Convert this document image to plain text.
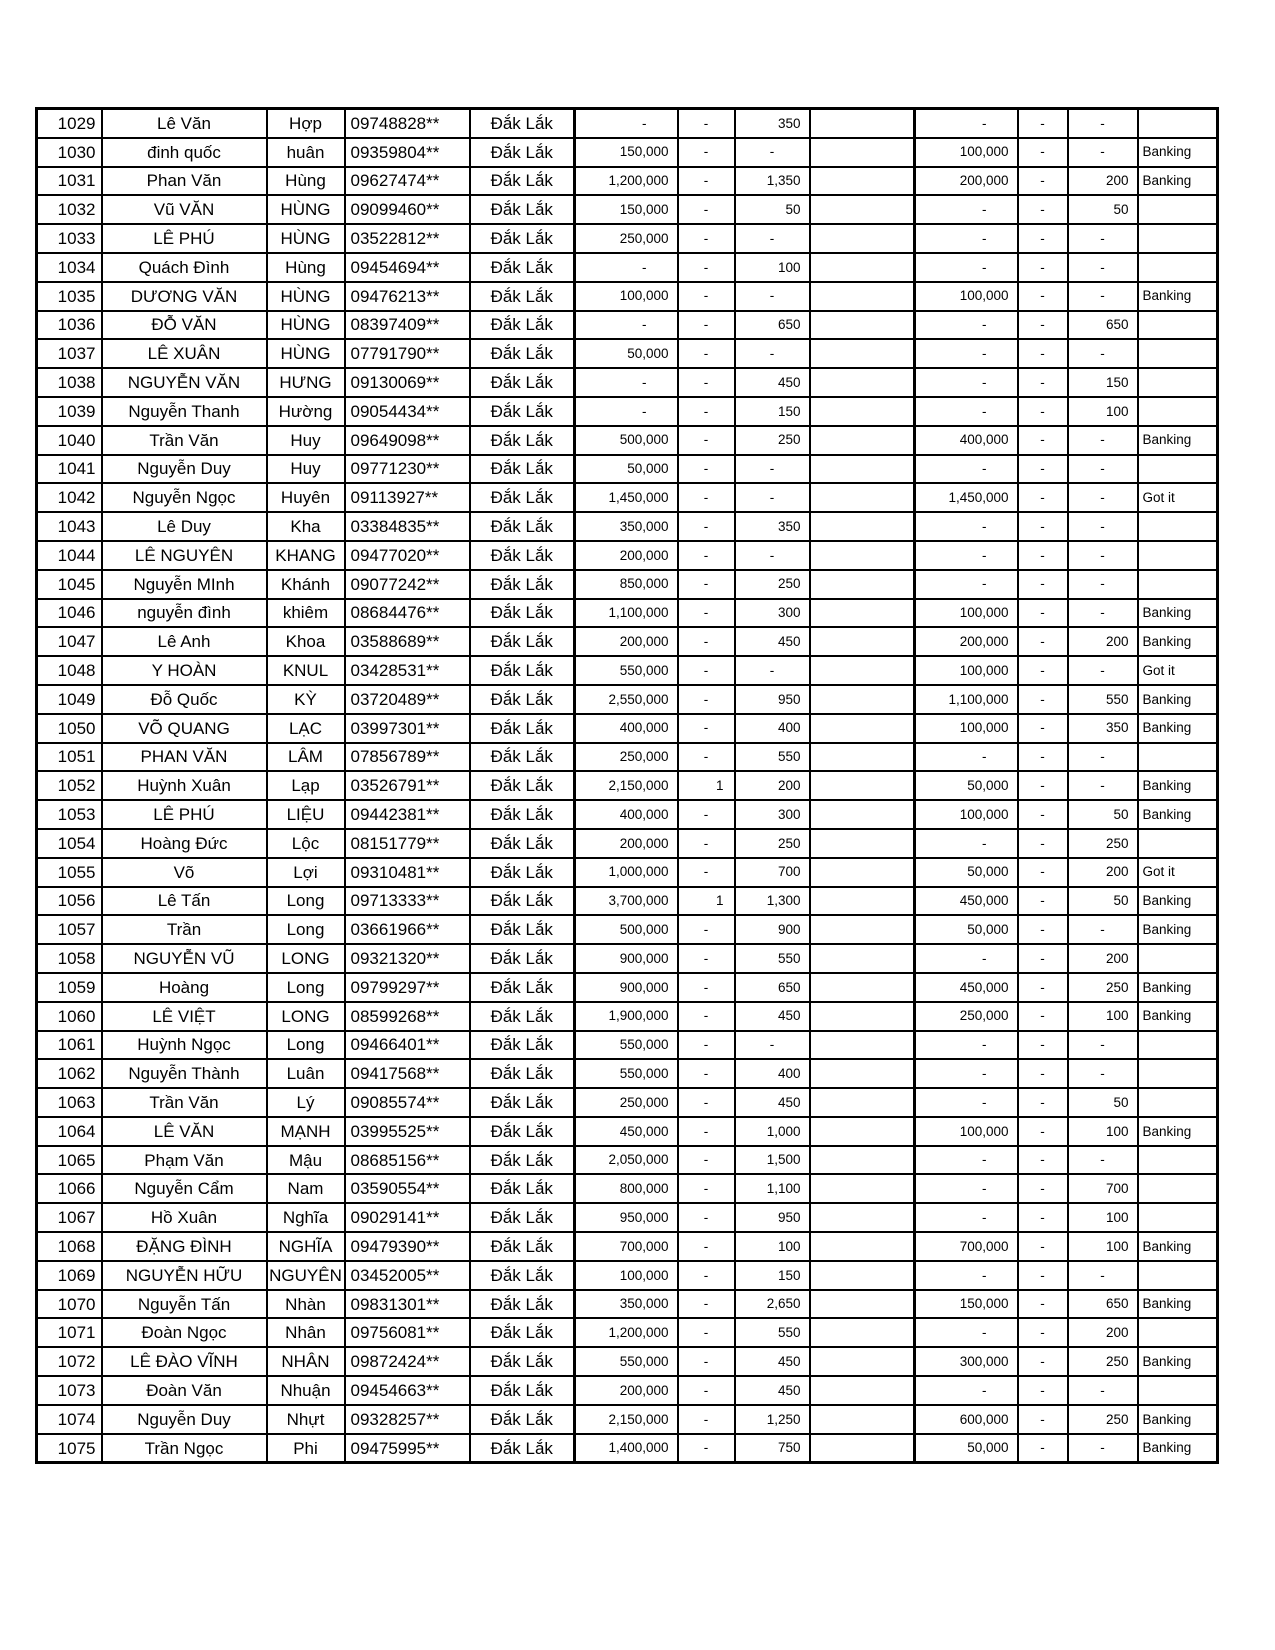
1029	Lê Văn	Hợp	09748828**	Đắk Lắk	-	-	350		-	-	-	
1030	đinh quốc	huân	09359804**	Đắk Lắk	150,000	-	-		100,000	-	-	Banking
1031	Phan Văn	Hùng	09627474**	Đắk Lắk	1,200,000	-	1,350		200,000	-	200	Banking
1032	Vũ VĂN	HÙNG	09099460**	Đắk Lắk	150,000	-	50		-	-	50	
1033	LÊ PHÚ	HÙNG	03522812**	Đắk Lắk	250,000	-	-		-	-	-	
1034	Quách Đình	Hùng	09454694**	Đắk Lắk	-	-	100		-	-	-	
1035	DƯƠNG VĂN	HÙNG	09476213**	Đắk Lắk	100,000	-	-		100,000	-	-	Banking
1036	ĐỖ VĂN	HÙNG	08397409**	Đắk Lắk	-	-	650		-	-	650	
1037	LÊ XUÂN	HÙNG	07791790**	Đắk Lắk	50,000	-	-		-	-	-	
1038	NGUYỄN VĂN	HƯNG	09130069**	Đắk Lắk	-	-	450		-	-	150	
1039	Nguyễn Thanh	Hường	09054434**	Đắk Lắk	-	-	150		-	-	100	
1040	Trần Văn	Huy	09649098**	Đắk Lắk	500,000	-	250		400,000	-	-	Banking
1041	Nguyễn Duy	Huy	09771230**	Đắk Lắk	50,000	-	-		-	-	-	
1042	Nguyễn Ngọc	Huyên	09113927**	Đắk Lắk	1,450,000	-	-		1,450,000	-	-	Got it
1043	Lê Duy	Kha	03384835**	Đắk Lắk	350,000	-	350		-	-	-	
1044	LÊ NGUYÊN	KHANG	09477020**	Đắk Lắk	200,000	-	-		-	-	-	
1045	Nguyễn MInh	Khánh	09077242**	Đắk Lắk	850,000	-	250		-	-	-	
1046	nguyễn đình	khiêm	08684476**	Đắk Lắk	1,100,000	-	300		100,000	-	-	Banking
1047	Lê Anh	Khoa	03588689**	Đắk Lắk	200,000	-	450		200,000	-	200	Banking
1048	Y HOÀN	KNUL	03428531**	Đắk Lắk	550,000	-	-		100,000	-	-	Got it
1049	Đỗ Quốc	KỲ	03720489**	Đắk Lắk	2,550,000	-	950		1,100,000	-	550	Banking
1050	VÕ QUANG	LẠC	03997301**	Đắk Lắk	400,000	-	400		100,000	-	350	Banking
1051	PHAN VĂN	LÂM	07856789**	Đắk Lắk	250,000	-	550		-	-	-	
1052	Huỳnh Xuân	Lạp	03526791**	Đắk Lắk	2,150,000	1	200		50,000	-	-	Banking
1053	LÊ PHÚ	LIỆU	09442381**	Đắk Lắk	400,000	-	300		100,000	-	50	Banking
1054	Hoàng Đức	Lộc	08151779**	Đắk Lắk	200,000	-	250		-	-	250	
1055	Võ	Lợi	09310481**	Đắk Lắk	1,000,000	-	700		50,000	-	200	Got it
1056	Lê Tấn	Long	09713333**	Đắk Lắk	3,700,000	1	1,300		450,000	-	50	Banking
1057	Trần	Long	03661966**	Đắk Lắk	500,000	-	900		50,000	-	-	Banking
1058	NGUYỄN VŨ	LONG	09321320**	Đắk Lắk	900,000	-	550		-	-	200	
1059	Hoàng	Long	09799297**	Đắk Lắk	900,000	-	650		450,000	-	250	Banking
1060	LÊ VIỆT	LONG	08599268**	Đắk Lắk	1,900,000	-	450		250,000	-	100	Banking
1061	Huỳnh Ngọc	Long	09466401**	Đắk Lắk	550,000	-	-		-	-	-	
1062	Nguyễn Thành	Luân	09417568**	Đắk Lắk	550,000	-	400		-	-	-	
1063	Trần Văn	Lý	09085574**	Đắk Lắk	250,000	-	450		-	-	50	
1064	LÊ VĂN	MẠNH	03995525**	Đắk Lắk	450,000	-	1,000		100,000	-	100	Banking
1065	Phạm Văn	Mậu	08685156**	Đắk Lắk	2,050,000	-	1,500		-	-	-	
1066	Nguyễn Cẩm	Nam	03590554**	Đắk Lắk	800,000	-	1,100		-	-	700	
1067	Hồ Xuân	Nghĩa	09029141**	Đắk Lắk	950,000	-	950		-	-	100	
1068	ĐẶNG ĐÌNH	NGHĨA	09479390**	Đắk Lắk	700,000	-	100		700,000	-	100	Banking
1069	NGUYỄN HỮU	NGUYÊN	03452005**	Đắk Lắk	100,000	-	150		-	-	-	
1070	Nguyễn Tấn	Nhàn	09831301**	Đắk Lắk	350,000	-	2,650		150,000	-	650	Banking
1071	Đoàn Ngọc	Nhân	09756081**	Đắk Lắk	1,200,000	-	550		-	-	200	
1072	LÊ ĐÀO VĨNH	NHÂN	09872424**	Đắk Lắk	550,000	-	450		300,000	-	250	Banking
1073	Đoàn Văn	Nhuận	09454663**	Đắk Lắk	200,000	-	450		-	-	-	
1074	Nguyễn Duy	Nhựt	09328257**	Đắk Lắk	2,150,000	-	1,250		600,000	-	250	Banking
1075	Trần Ngọc	Phi	09475995**	Đắk Lắk	1,400,000	-	750		50,000	-	-	Banking
